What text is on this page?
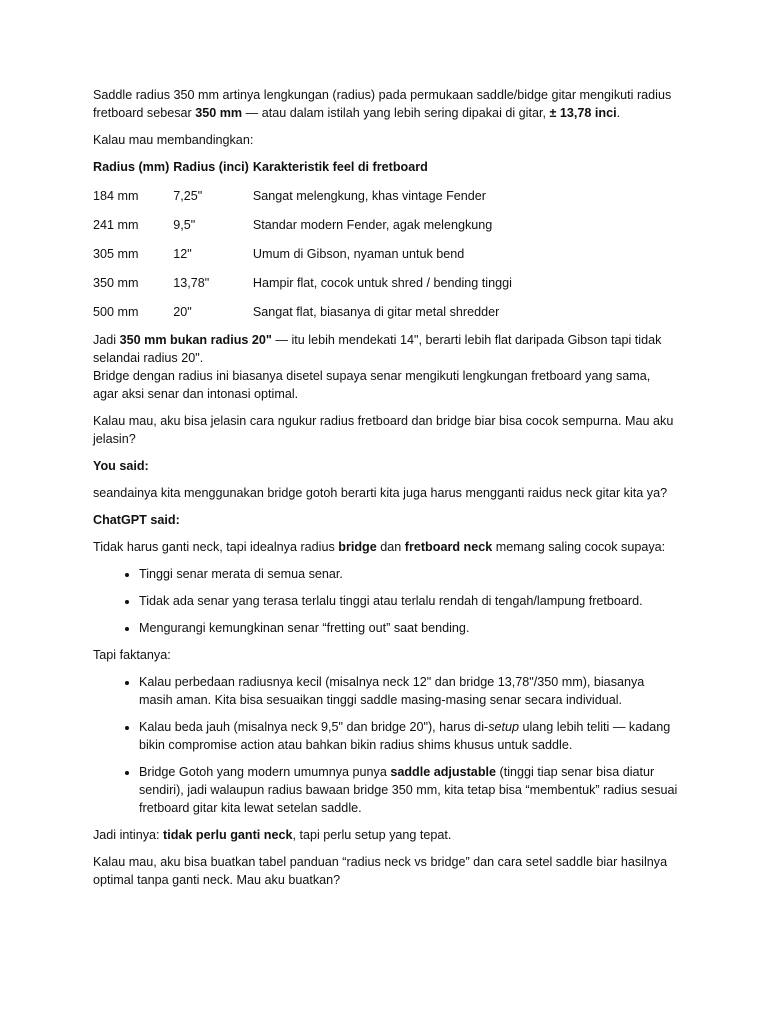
Saddle radius 350 mm artinya lengkungan (radius) pada permukaan saddle/bidge gitar mengikuti radius fretboard sebesar 350 mm — atau dalam istilah yang lebih sering dipakai di gitar, ± 13,78 inci.

Kalau mau membandingkan:

Radius (mm)	Radius (inci)	Karakteristik feel di fretboard
184 mm	7,25"	Sangat melengkung, khas vintage Fender
241 mm	9,5"	Standar modern Fender, agak melengkung
305 mm	12"	Umum di Gibson, nyaman untuk bend
350 mm	13,78"	Hampir flat, cocok untuk shred / bending tinggi
500 mm	20"	Sangat flat, biasanya di gitar metal shredder

Jadi 350 mm bukan radius 20" — itu lebih mendekati 14", berarti lebih flat daripada Gibson tapi tidak selandai radius 20".
Bridge dengan radius ini biasanya disetel supaya senar mengikuti lengkungan fretboard yang sama, agar aksi senar dan intonasi optimal.

Kalau mau, aku bisa jelasin cara ngukur radius fretboard dan bridge biar bisa cocok sempurna. Mau aku jelasin?

You said:

seandainya kita menggunakan bridge gotoh berarti kita juga harus mengganti raidus neck gitar kita ya?

ChatGPT said:

Tidak harus ganti neck, tapi idealnya radius bridge dan fretboard neck memang saling cocok supaya:

• Tinggi senar merata di semua senar.
• Tidak ada senar yang terasa terlalu tinggi atau terlalu rendah di tengah/lampung fretboard.
• Mengurangi kemungkinan senar “fretting out” saat bending.

Tapi faktanya:

• Kalau perbedaan radiusnya kecil (misalnya neck 12" dan bridge 13,78"/350 mm), biasanya masih aman. Kita bisa sesuaikan tinggi saddle masing-masing senar secara individual.
• Kalau beda jauh (misalnya neck 9,5" dan bridge 20"), harus di-setup ulang lebih teliti — kadang bikin compromise action atau bahkan bikin radius shims khusus untuk saddle.
• Bridge Gotoh yang modern umumnya punya saddle adjustable (tinggi tiap senar bisa diatur sendiri), jadi walaupun radius bawaan bridge 350 mm, kita tetap bisa “membentuk” radius sesuai fretboard gitar kita lewat setelan saddle.

Jadi intinya: tidak perlu ganti neck, tapi perlu setup yang tepat.

Kalau mau, aku bisa buatkan tabel panduan “radius neck vs bridge” dan cara setel saddle biar hasilnya optimal tanpa ganti neck. Mau aku buatkan?
